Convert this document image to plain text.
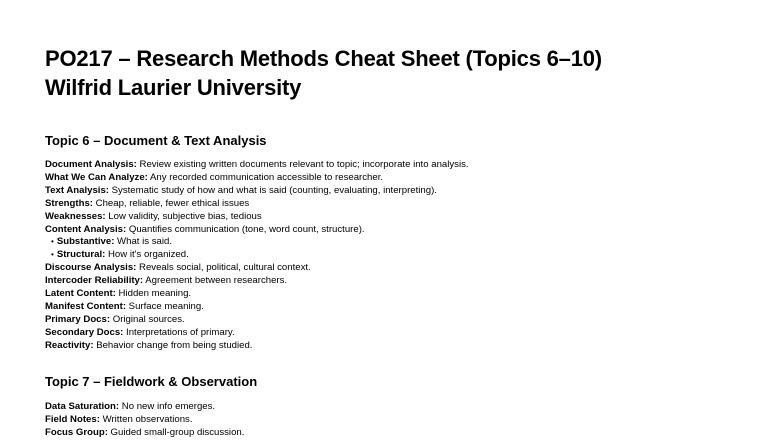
PO217 – Research Methods Cheat Sheet (Topics 6–10)
Wilfrid Laurier University
Topic 6 – Document & Text Analysis
Document Analysis: Review existing written documents relevant to topic; incorporate into analysis.
What We Can Analyze: Any recorded communication accessible to researcher.
Text Analysis: Systematic study of how and what is said (counting, evaluating, interpreting).
Strengths: Cheap, reliable, fewer ethical issues
Weaknesses: Low validity, subjective bias, tedious
Content Analysis: Quantifies communication (tone, word count, structure).
• Substantive: What is said.
• Structural: How it's organized.
Discourse Analysis: Reveals social, political, cultural context.
Intercoder Reliability: Agreement between researchers.
Latent Content: Hidden meaning.
Manifest Content: Surface meaning.
Primary Docs: Original sources.
Secondary Docs: Interpretations of primary.
Reactivity: Behavior change from being studied.
Topic 7 – Fieldwork & Observation
Data Saturation: No new info emerges.
Field Notes: Written observations.
Focus Group: Guided small-group discussion.
